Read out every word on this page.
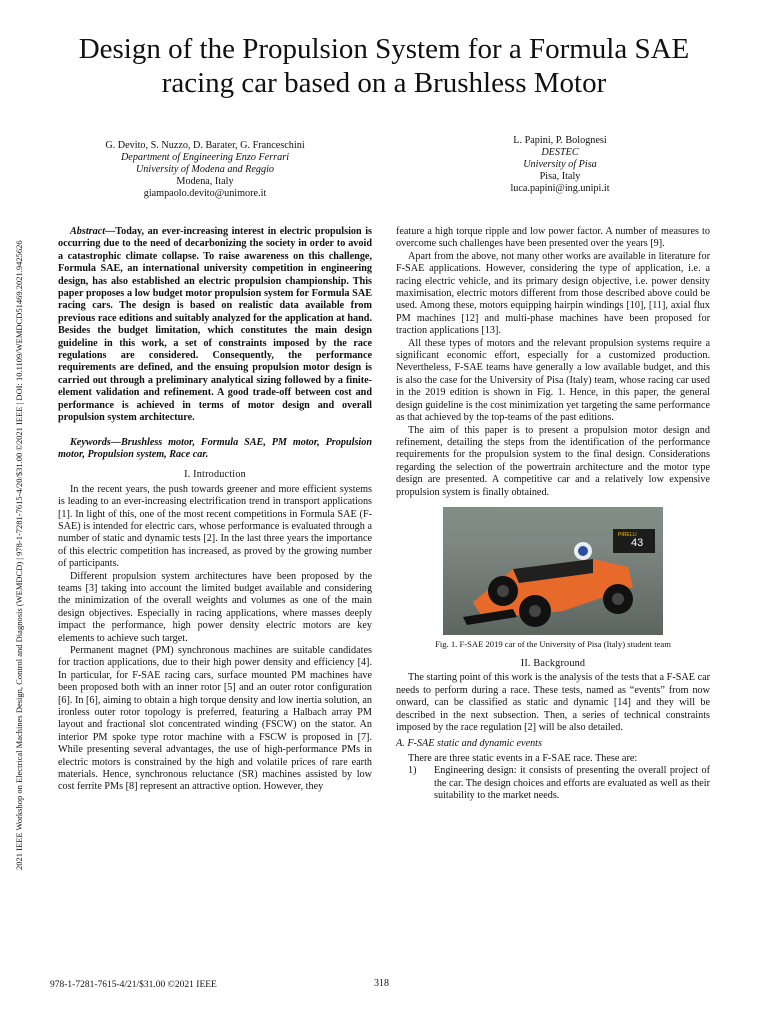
Design of the Propulsion System for a Formula SAE racing car based on a Brushless Motor
2021 IEEE Workshop on Electrical Machines Design, Control and Diagnosis (WEMDCD) | 978-1-7281-7615-4/20/$31.00 ©2021 IEEE | DOI: 10.1109/WEMDCD51469.2021.9425626
G. Devito, S. Nuzzo, D. Barater, G. Franceschini
Department of Engineering Enzo Ferrari
University of Modena and Reggio
Modena, Italy
giampaolo.devito@unimore.it
L. Papini, P. Bolognesi
DESTEC
University of Pisa
Pisa, Italy
luca.papini@ing.unipi.it

Abstract—Today, an ever-increasing interest in electric propulsion is occurring due to the need of decarbonizing the society in order to avoid a catastrophic climate collapse. To raise awareness on this challenge, Formula SAE, an international university competition in engineering design, has also established an electric propulsion championship. This paper proposes a low budget motor propulsion system for Formula SAE racing cars. The design is based on realistic data available from previous race editions and suitably analyzed for the application at hand. Besides the budget limitation, which constitutes the main design guideline in this work, a set of constraints imposed by the race regulations are considered. Consequently, the performance requirements are defined, and the ensuing propulsion motor design is carried out through a preliminary analytical sizing followed by a finite-element validation and refinement. A good trade-off between cost and performance is achieved in terms of motor design and overall propulsion system architecture.

Keywords—Brushless motor, Formula SAE, PM motor, Propulsion motor, Propulsion system, Race car.

I. Introduction

In the recent years, the push towards greener and more efficient systems is leading to an ever-increasing electrification trend in transport applications [1]. In light of this, one of the most recent competitions in Formula SAE (F-SAE) is intended for electric cars, whose performance is evaluated through a number of static and dynamic tests [2]. In the last three years the importance of this electric competition has increased, as proved by the growing number of participants.

Different propulsion system architectures have been proposed by the teams [3] taking into account the limited budget available and considering the minimization of the overall weights and volumes as one of the main design objectives. Especially in racing applications, where masses deeply impact the performance, high power density electric motors are key elements to achieve such target.

Permanent magnet (PM) synchronous machines are suitable candidates for traction applications, due to their high power density and efficiency [4]. In particular, for F-SAE racing cars, surface mounted PM machines have been proposed both with an inner rotor [5] and an outer rotor configuration [6]. In [6], aiming to obtain a high torque density and low inertia solution, an ironless outer rotor topology is preferred, featuring a Halbach array PM layout and fractional slot concentrated winding (FSCW) on the stator. An interior PM spoke type rotor machine with a FSCW is proposed in [7]. While presenting several advantages, the use of high-performance PMs in electric motors is constrained by the high and volatile prices of rare earth materials. Hence, synchronous reluctance (SR) machines assisted by low cost ferrite PMs [8] represent an attractive option. However, they

feature a high torque ripple and low power factor. A number of measures to overcome such challenges have been presented over the years [9].

Apart from the above, not many other works are available in literature for F-SAE applications. However, considering the type of application, i.e. a racing electric vehicle, and its primary design objective, i.e. power density maximisation, electric motors different from those described above could be used. Among these, motors equipping hairpin windings [10], [11], axial flux PM machines [12] and multi-phase machines have been proposed for traction applications [13].

All these types of motors and the relevant propulsion systems require a significant economic effort, especially for a customized production. Nevertheless, F-SAE teams have generally a low available budget, and this is also the case for the University of Pisa (Italy) team, whose racing car used in the 2019 edition is shown in Fig. 1. Hence, in this paper, the general design guideline is the cost minimization yet targeting the same performance as that achieved by the top-teams of the past editions.

The aim of this paper is to present a propulsion motor design and refinement, detailing the steps from the identification of the performance requirements for the propulsion system to the final design. Considerations regarding the selection of the powertrain architecture and the motor type design are presented. A competitive car and a relatively low expensive propulsion system is finally obtained.

43
PIRELLI
Fig. 1. F-SAE 2019 car of the University of Pisa (Italy) student team
II. Background

The starting point of this work is the analysis of the tests that a F-SAE car needs to perform during a race. These tests, named as “events” from now onward, can be classified as static and dynamic [14] and they will be described in the next subsection. Then, a series of technical constraints imposed by the race regulation [2] will be also detailed.

A. F-SAE static and dynamic events

There are three static events in a F-SAE race. These are:

1) Engineering design: it consists of presenting the overall project of the car. The design choices and efforts are evaluated as well as their suitability to the market needs.
978-1-7281-7615-4/21/$31.00 ©2021 IEEE	318
